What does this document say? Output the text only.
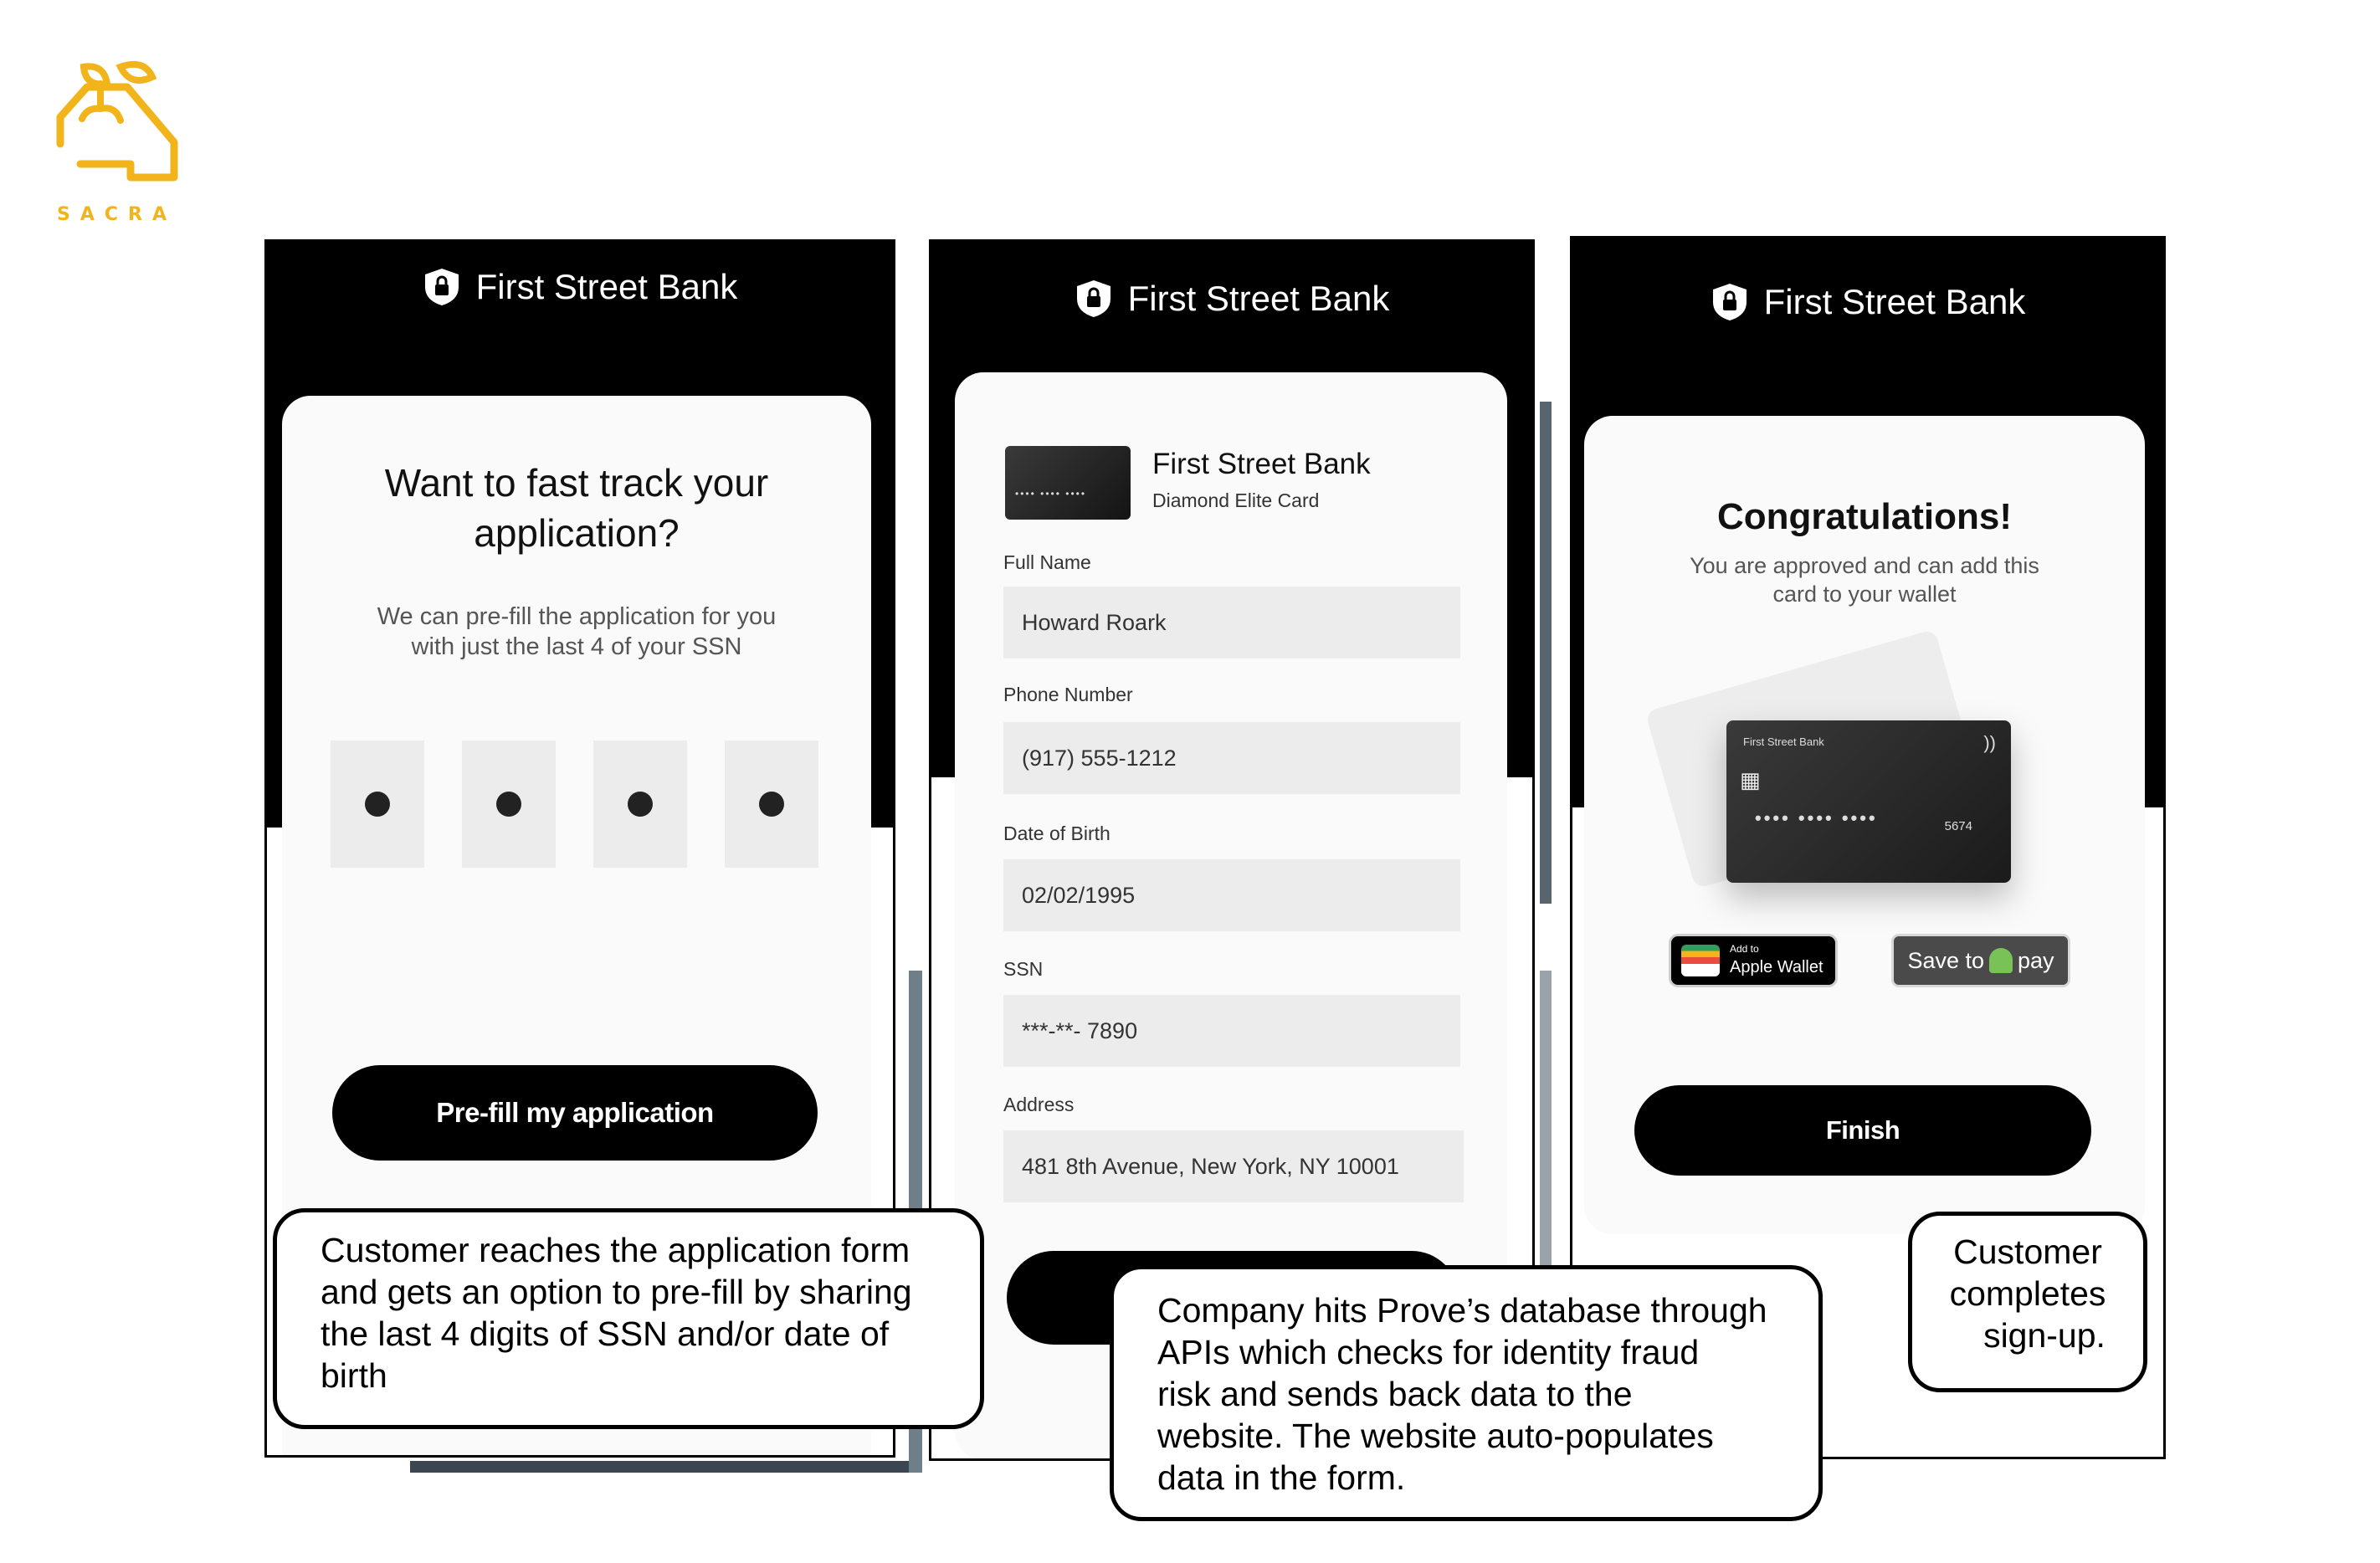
SACRA
First Street Bank
Want to fast track your
application?
We can pre-fill the application for you
with just the last 4 of your SSN
Pre-fill my application
First Street Bank
•••• •••• ••••
First Street Bank
Diamond Elite Card
Full Name
Howard Roark
Phone Number
(917) 555-1212
Date of Birth
02/02/1995
SSN
***-**- 7890
Address
481 8th Avenue, New York, NY 10001
First Street Bank
Congratulations!
You are approved and can add this
card to your wallet
First Street Bank	))
▦
•••• •••• ••••	5674
Add to
Apple Wallet	Save to pay
Finish
Customer reaches the application form
and gets an option to pre-fill by sharing
the last 4 digits of SSN and/or date of
birth
Company hits Prove’s database through
APIs which checks for identity fraud
risk and sends back data to the
website. The website auto-populates
data in the form.
Customer
completes
sign-up.
